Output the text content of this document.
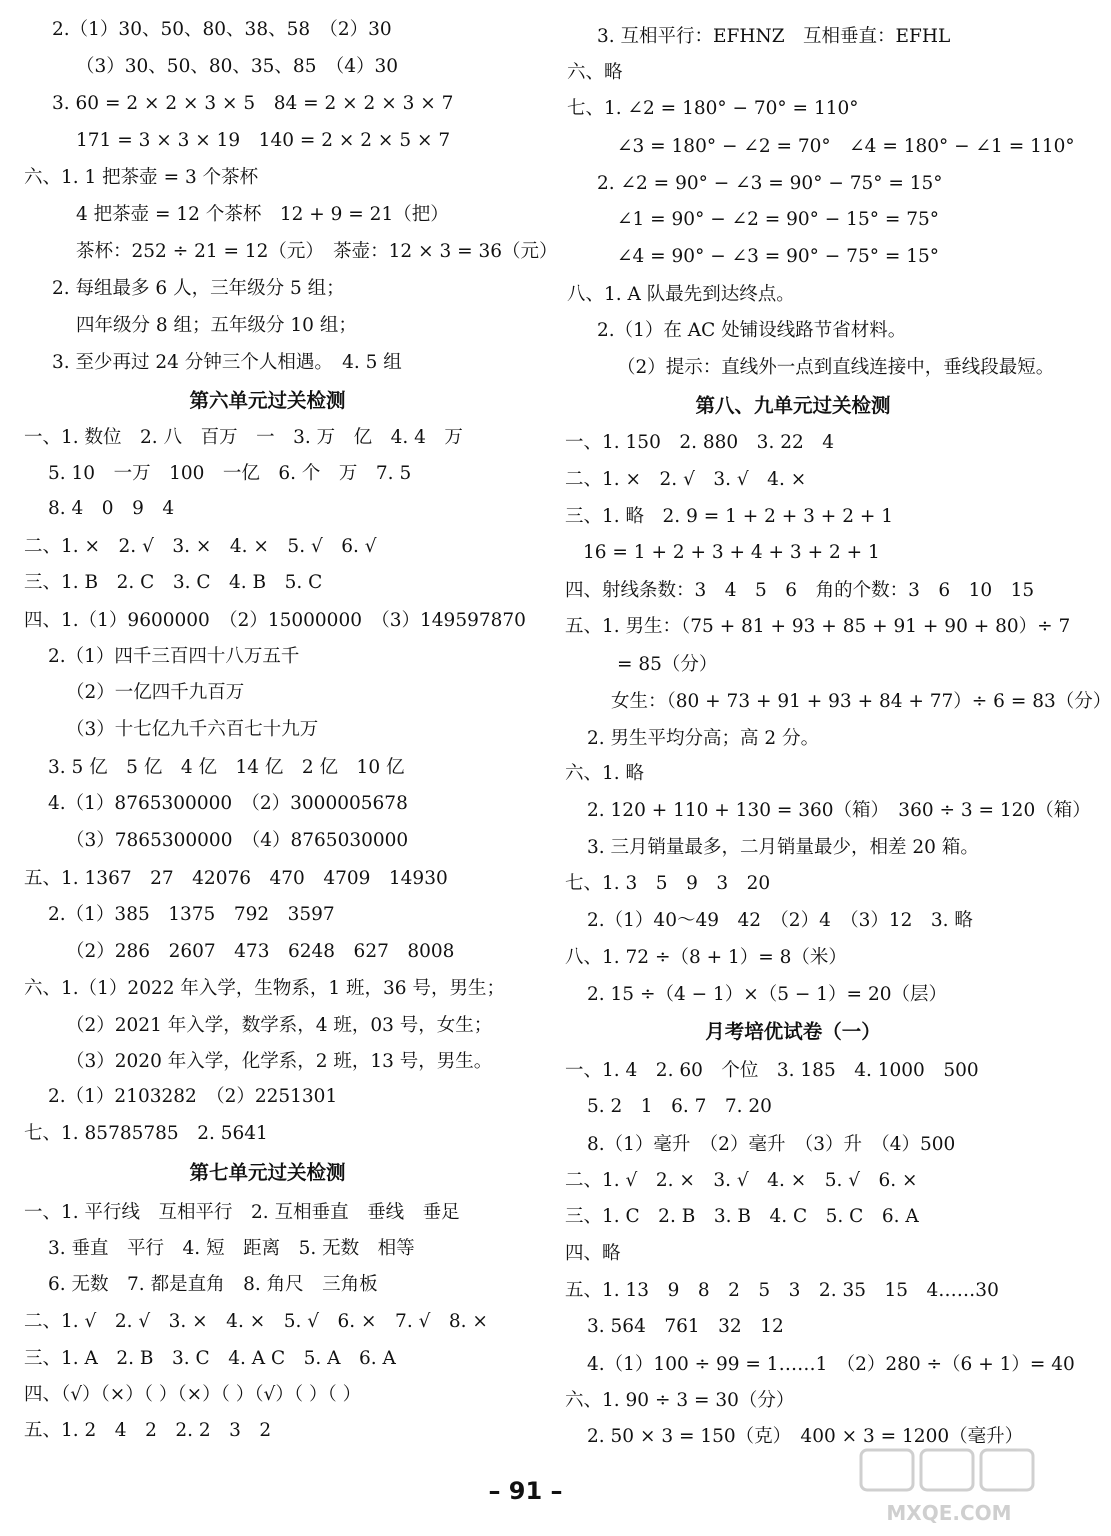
2.（1）30、50、80、38、58　（2）30
（3）30、50、80、35、85　（4）30
3. 60 = 2 × 2 × 3 × 5　84 = 2 × 2 × 3 × 7
171 = 3 × 3 × 19　140 = 2 × 2 × 5 × 7
六、1. 1 把茶壶 = 3 个茶杯
4 把茶壶 = 12 个茶杯　12 + 9 = 21（把）
茶杯：252 ÷ 21 = 12（元）　茶壶：12 × 3 = 36（元）
2. 每组最多 6 人，三年级分 5 组；
四年级分 8 组；五年级分 10 组；
3. 至少再过 24 分钟三个人相遇。　4. 5 组
第六单元过关检测
一、1. 数位　2. 八　百万　一　3. 万　亿　4. 4　万
5. 10　一万　100　一亿　6. 个　万　7. 5
8. 4　0　9　4
二、1. ×　2. √　3. ×　4. ×　5. √　6. √
三、1. B　2. C　3. C　4. B　5. C
四、1.（1）9600000　（2）15000000　（3）149597870
2.（1）四千三百四十八万五千
（2）一亿四千九百万
（3）十七亿九千六百七十九万
3. 5 亿　5 亿　4 亿　14 亿　2 亿　10 亿
4.（1）8765300000　（2）3000005678
（3）7865300000　（4）8765030000
五、1. 1367　27　42076　470　4709　14930
2.（1）385　1375　792　3597
（2）286　2607　473　6248　627　8008
六、1.（1）2022 年入学，生物系，1 班，36 号，男生；
（2）2021 年入学，数学系，4 班，03 号，女生；
（3）2020 年入学，化学系，2 班，13 号，男生。
2.（1）2103282　（2）2251301
七、1. 85785785　2. 5641
第七单元过关检测
一、1. 平行线　互相平行　2. 互相垂直　垂线　垂足
3. 垂直　平行　4. 短　距离　5. 无数　相等
6. 无数　7. 都是直角　8. 角尺　三角板
二、1. √　2. √　3. ×　4. ×　5. √　6. ×　7. √　8. ×
三、1. A　2. B　3. C　4. A C　5. A　6. A
四、（√）（×）（ ）（×）（ ）（√）（ ）（ ）
五、1. 2　4　2　2. 2　3　2
3. 互相平行：EFHNZ　互相垂直：EFHL
六、略
七、1. ∠2 = 180° − 70° = 110°
∠3 = 180° − ∠2 = 70°　∠4 = 180° − ∠1 = 110°
2. ∠2 = 90° − ∠3 = 90° − 75° = 15°
∠1 = 90° − ∠2 = 90° − 15° = 75°
∠4 = 90° − ∠3 = 90° − 75° = 15°
八、1. A 队最先到达终点。
2.（1）在 AC 处铺设线路节省材料。
（2）提示：直线外一点到直线连接中，垂线段最短。
第八、九单元过关检测
一、1. 150　2. 880　3. 22　4
二、1. ×　2. √　3. √　4. ×
三、1. 略　2. 9 = 1 + 2 + 3 + 2 + 1
16 = 1 + 2 + 3 + 4 + 3 + 2 + 1
四、射线条数：3　4　5　6　角的个数：3　6　10　15
五、1. 男生：（75 + 81 + 93 + 85 + 91 + 90 + 80）÷ 7
= 85（分）
女生：（80 + 73 + 91 + 93 + 84 + 77）÷ 6 = 83（分）
2. 男生平均分高；高 2 分。
六、1. 略
2. 120 + 110 + 130 = 360（箱）　360 ÷ 3 = 120（箱）
3. 三月销量最多，二月销量最少，相差 20 箱。
七、1. 3　5　9　3　20
2.（1）40～49　42　（2）4　（3）12　3. 略
八、1. 72 ÷（8 + 1）= 8（米）
2. 15 ÷（4 − 1）×（5 − 1）= 20（层）
月考培优试卷（一）
一、1. 4　2. 60　个位　3. 185　4. 1000　500
5. 2　1　6. 7　7. 20
8.（1）毫升　（2）毫升　（3）升　（4）500
二、1. √　2. ×　3. √　4. ×　5. √　6. ×
三、1. C　2. B　3. B　4. C　5. C　6. A
四、略
五、1. 13　9　8　2　5　3　2. 35　15　4……30
3. 564　761　32　12
4.（1）100 ÷ 99 = 1……1　（2）280 ÷（6 + 1）= 40
六、1. 90 ÷ 3 = 30（分）
2. 50 × 3 = 150（克）　400 × 3 = 1200（毫升）
– 91 –
MXQE.COM
